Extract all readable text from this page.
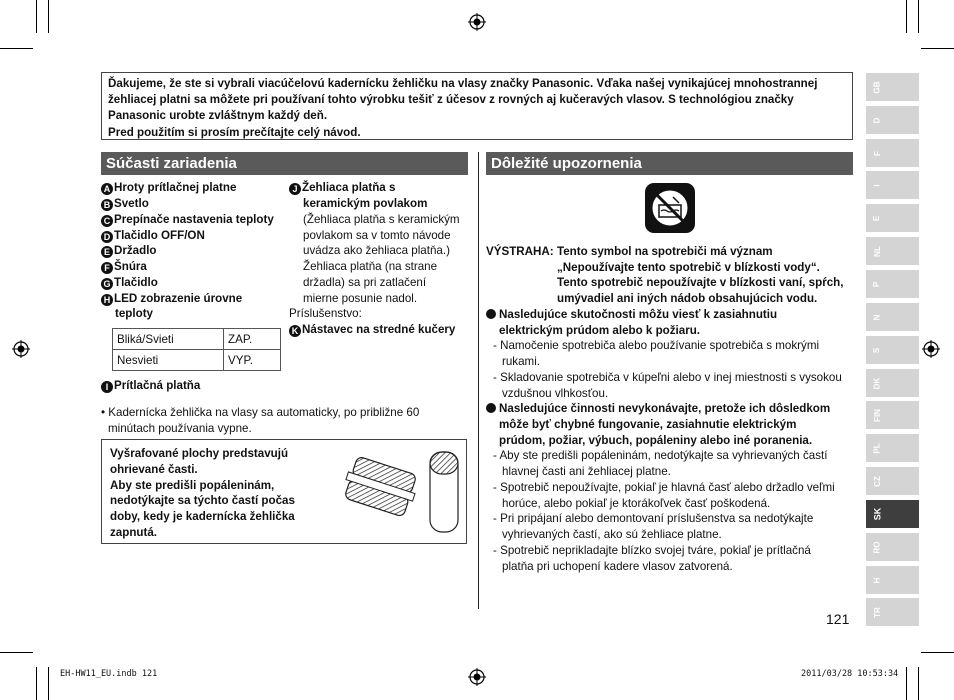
Ďakujeme, že ste si vybrali viacúčelovú kadernícku žehličku na vlasy značky Panasonic. Vďaka našej vynikajúcej mnohostrannej
žehliacej platni sa môžete pri používaní tohto výrobku tešiť z účesov z rovných aj kučeravých vlasov. S technológiou značky
Panasonic urobte zvláštnym každý deň.
Pred použitím si prosím prečítajte celý návod.
Súčasti zariadenia
A Hroty prítlačnej platne
B Svetlo
C Prepínače nastavenia teploty
D Tlačidlo OFF/ON
E Držadlo
F Šnúra
G Tlačidlo
H LED zobrazenie úrovne
teploty
Bliká/Svieti	ZAP.
Nesvieti	VYP.
I Prítlačná platňa
J Žehliaca platňa s
keramickým povlakom
(Žehliaca platňa s keramickým
povlakom sa v tomto návode
uvádza ako žehliaca platňa.)
Žehliaca platňa (na strane
držadla) sa pri zatlačení
mierne posunie nadol.
Príslušenstvo:
K Nástavec na stredné kučery
• Kadernícka žehlička na vlasy sa automaticky, po približne 60
minútach používania vypne.
Vyšrafované plochy predstavujú
ohrievané časti.
Aby ste predišli popáleninám,
nedotýkajte sa týchto častí počas
doby, kedy je kadernícka žehlička
zapnutá.
Dôležité upozornenia
VÝSTRAHA: Tento symbol na spotrebiči má význam
„Nepoužívajte tento spotrebič v blízkosti vody“.
Tento spotrebič nepoužívajte v blízkosti vaní, spŕch,
umývadiel ani iných nádob obsahujúcich vodu.
Nasledujúce skutočnosti môžu viesť k zasiahnutiu
elektrickým prúdom alebo k požiaru.
- Namočenie spotrebiča alebo používanie spotrebiča s mokrými
rukami.
- Skladovanie spotrebiča v kúpeľni alebo v inej miestnosti s vysokou
vzdušnou vlhkosťou.
Nasledujúce činnosti nevykonávajte, pretože ich dôsledkom
môže byť chybné fungovanie, zasiahnutie elektrickým
prúdom, požiar, výbuch, popáleniny alebo iné poranenia.
- Aby ste predišli popáleninám, nedotýkajte sa vyhrievaných častí
hlavnej časti ani žehliacej platne.
- Spotrebič nepoužívajte, pokiaľ je hlavná časť alebo držadlo veľmi
horúce, alebo pokiaľ je ktorákoľvek časť poškodená.
- Pri pripájaní alebo demontovaní príslušenstva sa nedotýkajte
vyhrievaných častí, ako sú žehliace platne.
- Spotrebič neprikladajte blízko svojej tváre, pokiaľ je prítlačná
platňa pri uchopení kadere vlasov zatvorená.
GB
D
F
I
E
NL
P
N
S
DK
FIN
PL
CZ
SK
RO
H
TR
121
EH-HW11_EU.indb 121	2011/03/28 10:53:34
